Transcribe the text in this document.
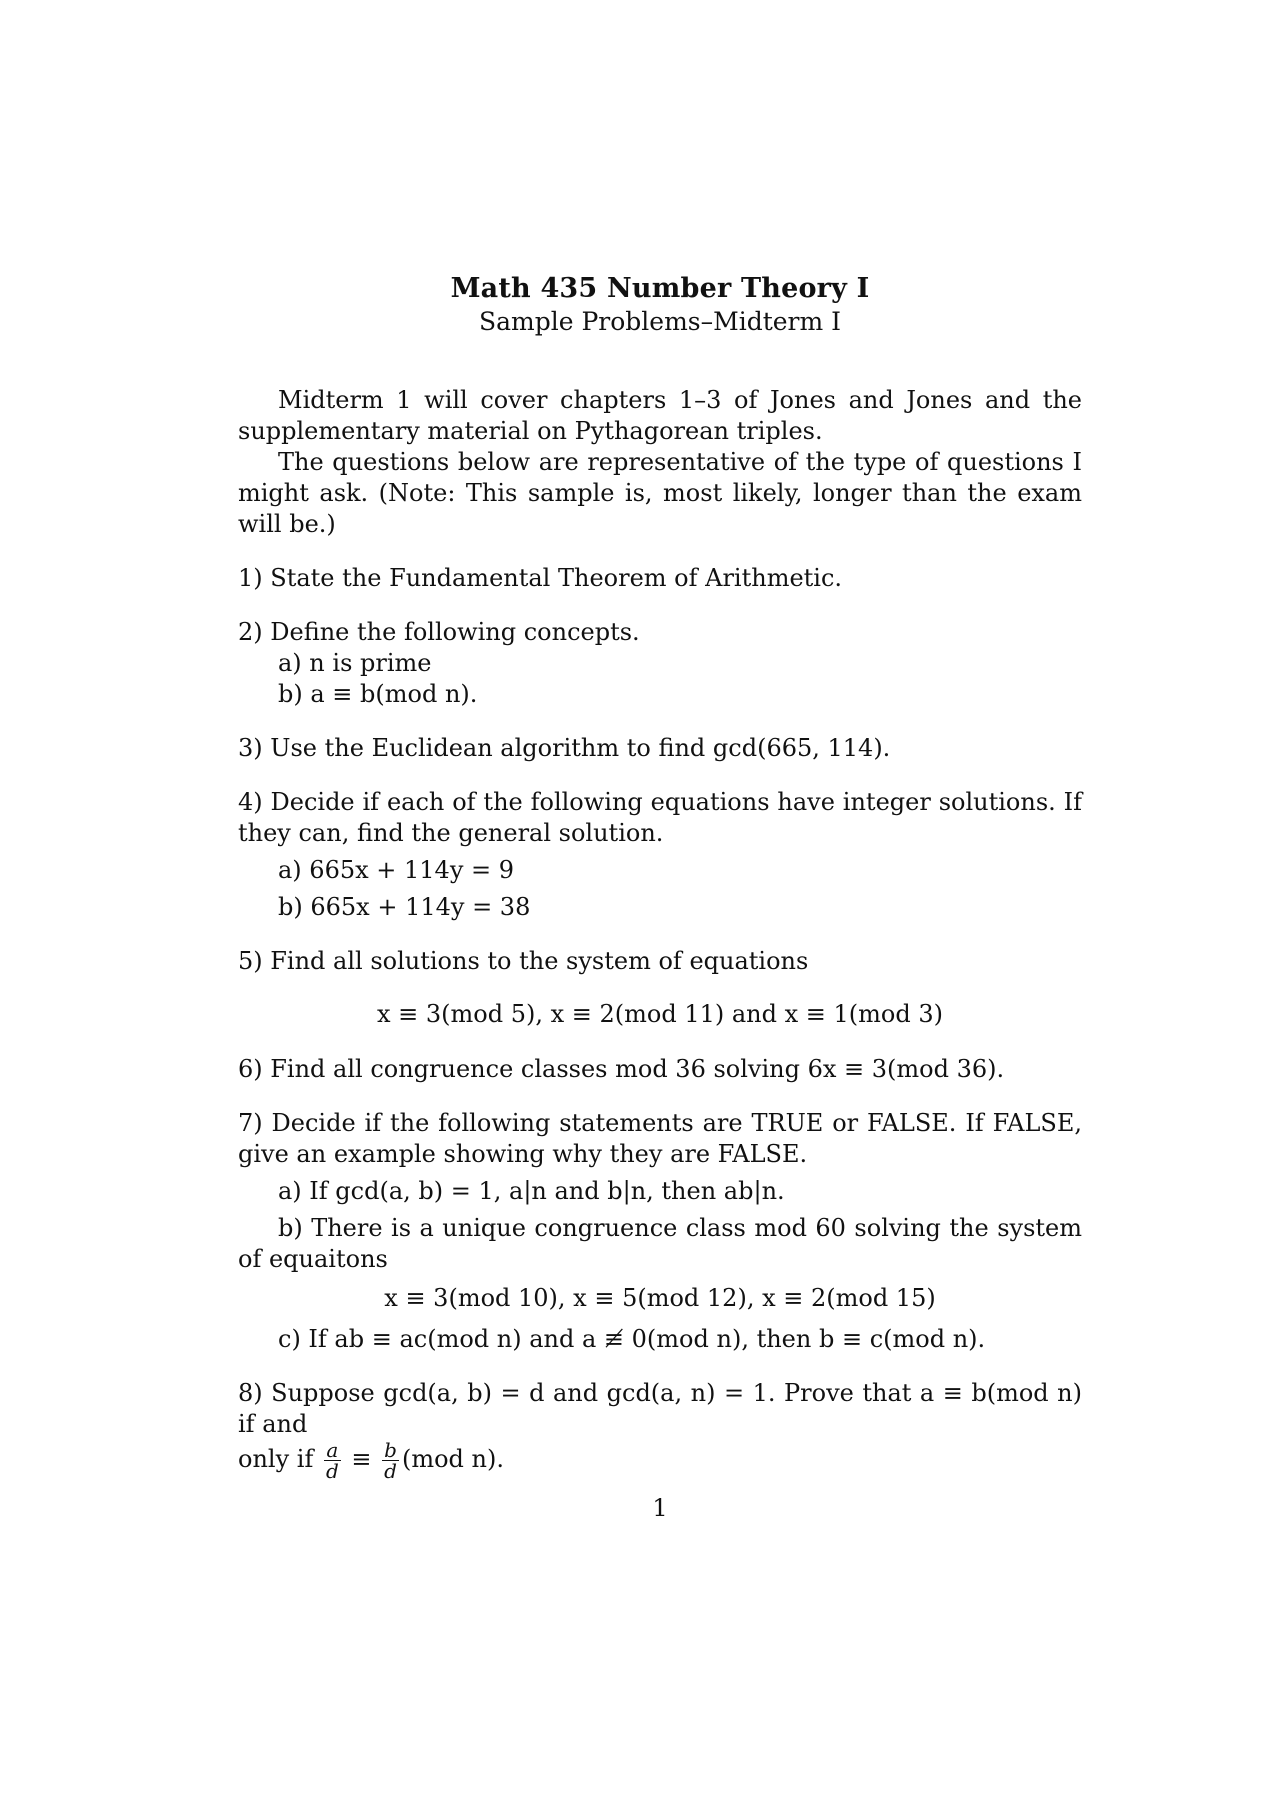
Math 435 Number Theory I
Sample Problems–Midterm I

Midterm 1 will cover chapters 1–3 of Jones and Jones and the supplementary material on Pythagorean triples.

The questions below are representative of the type of questions I might ask. (Note: This sample is, most likely, longer than the exam will be.)

1) State the Fundamental Theorem of Arithmetic.

2) Define the following concepts.

a) n is prime

b) a ≡ b(mod n).

3) Use the Euclidean algorithm to find gcd(665, 114).

4) Decide if each of the following equations have integer solutions. If they can, find the general solution.

a) 665x + 114y = 9

b) 665x + 114y = 38

5) Find all solutions to the system of equations

x ≡ 3(mod 5), x ≡ 2(mod 11) and x ≡ 1(mod 3)

6) Find all congruence classes mod 36 solving 6x ≡ 3(mod 36).

7) Decide if the following statements are TRUE or FALSE. If FALSE, give an example showing why they are FALSE.

a) If gcd(a, b) = 1, a|n and b|n, then ab|n.

b) There is a unique congruence class mod 60 solving the system of equaitons

x ≡ 3(mod 10), x ≡ 5(mod 12), x ≡ 2(mod 15)

c) If ab ≡ ac(mod n) and a ≢ 0(mod n), then b ≡ c(mod n).

8) Suppose gcd(a, b) = d and gcd(a, n) = 1. Prove that a ≡ b(mod n) if and

only if $\frac{a}{d} \equiv \frac{b}{d} (mod$ n).

1
